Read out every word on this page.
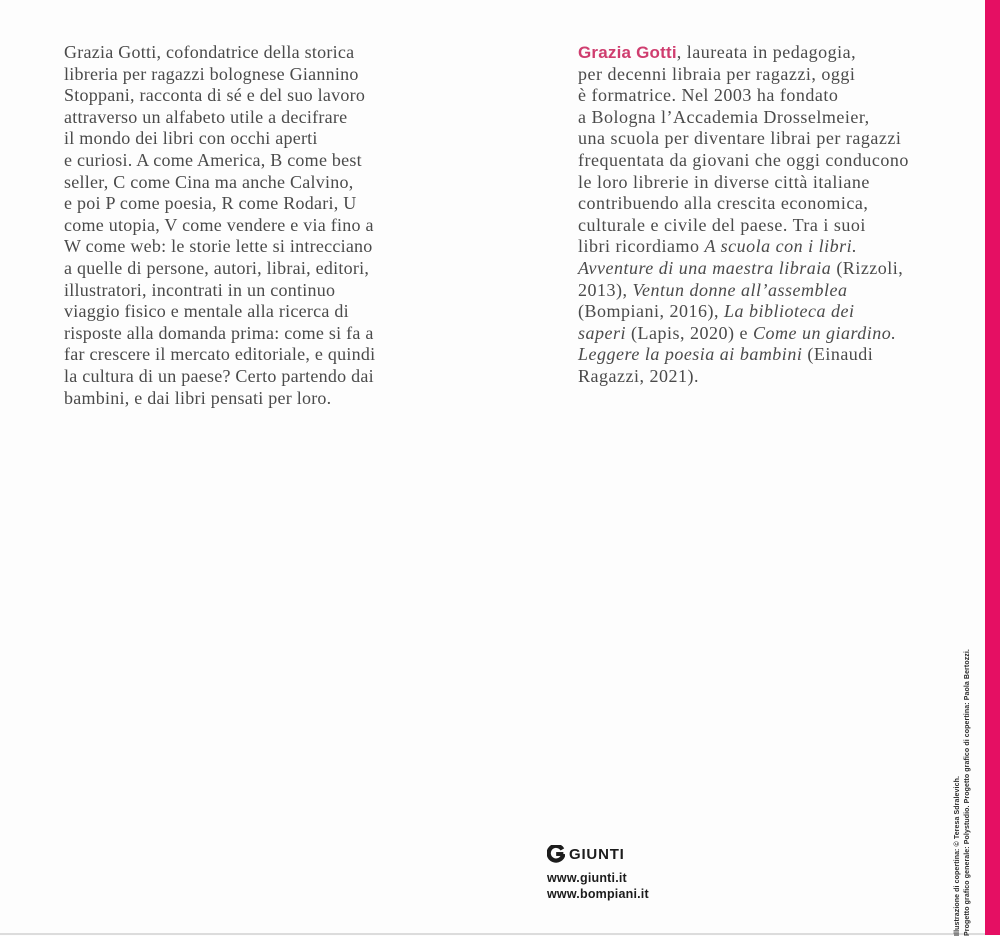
Grazia Gotti, cofondatrice della storica
libreria per ragazzi bolognese Giannino
Stoppani, racconta di sé e del suo lavoro
attraverso un alfabeto utile a decifrare
il mondo dei libri con occhi aperti
e curiosi. A come America, B come best
seller, C come Cina ma anche Calvino,
e poi P come poesia, R come Rodari, U
come utopia, V come vendere e via fino a
W come web: le storie lette si intrecciano
a quelle di persone, autori, librai, editori,
illustratori, incontrati in un continuo
viaggio fisico e mentale alla ricerca di
risposte alla domanda prima: come si fa a
far crescere il mercato editoriale, e quindi
la cultura di un paese? Certo partendo dai
bambini, e dai libri pensati per loro.
Grazia Gotti, laureata in pedagogia,
per decenni libraia per ragazzi, oggi
è formatrice. Nel 2003 ha fondato
a Bologna l’Accademia Drosselmeier,
una scuola per diventare librai per ragazzi
frequentata da giovani che oggi conducono
le loro librerie in diverse città italiane
contribuendo alla crescita economica,
culturale e civile del paese. Tra i suoi
libri ricordiamo A scuola con i libri.
Avventure di una maestra libraia (Rizzoli,
2013), Ventun donne all’assemblea
(Bompiani, 2016), La biblioteca dei
saperi (Lapis, 2020) e Come un giardino.
Leggere la poesia ai bambini (Einaudi
Ragazzi, 2021).
Illustrazione di copertina: © Teresa Sdralevich. Progetto grafico generale: Polystudio. Progetto grafico di copertina: Paola Bertozzi.
GIUNTI
www.giunti.it
www.bompiani.it
